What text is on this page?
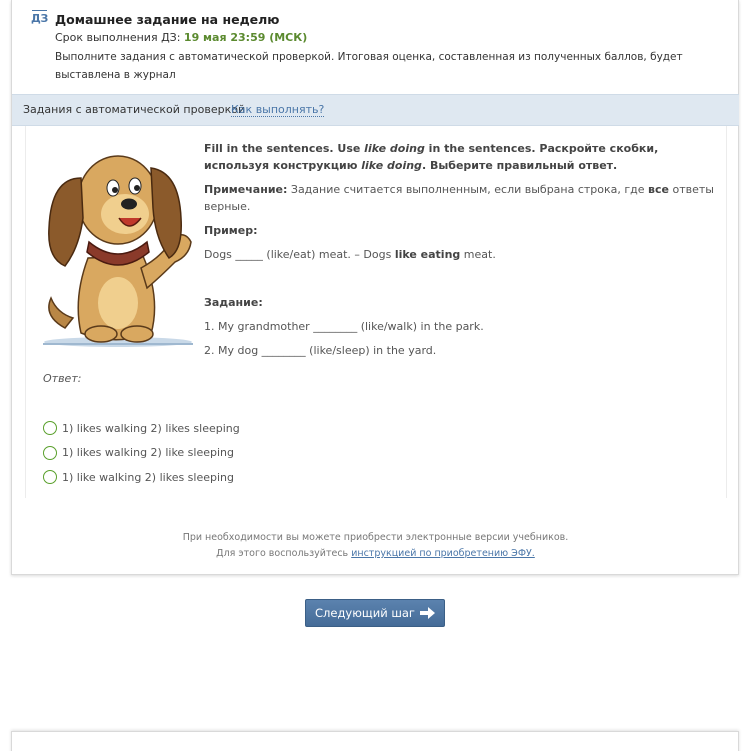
ДЗ Домашнее задание на неделю
Срок выполнения ДЗ: 19 мая 23:59 (МСК)
Выполните задания с автоматической проверкой. Итоговая оценка, составленная из полученных баллов, будет выставлена в журнал
Задания с автоматической проверкой
Как выполнять?

Fill in the sentences. Use like doing in the sentences. Раскройте скобки, используя конструкцию like doing. Выберите правильный ответ.

Примечание: Задание считается выполненным, если выбрана строка, где все ответы верные.

Пример:

Dogs _____ (like/eat) meat. – Dogs like eating meat.

Задание:

1. My grandmother ________ (like/walk) in the park.

2. My dog ________ (like/sleep) in the yard.

Ответ:
1) likes walking 2) likes sleeping
1) likes walking 2) like sleeping
1) like walking 2) likes sleeping
При необходимости вы можете приобрести электронные версии учебников.
Для этого воспользуйтесь инструкцией по приобретению ЭФУ.
Следующий шаг
